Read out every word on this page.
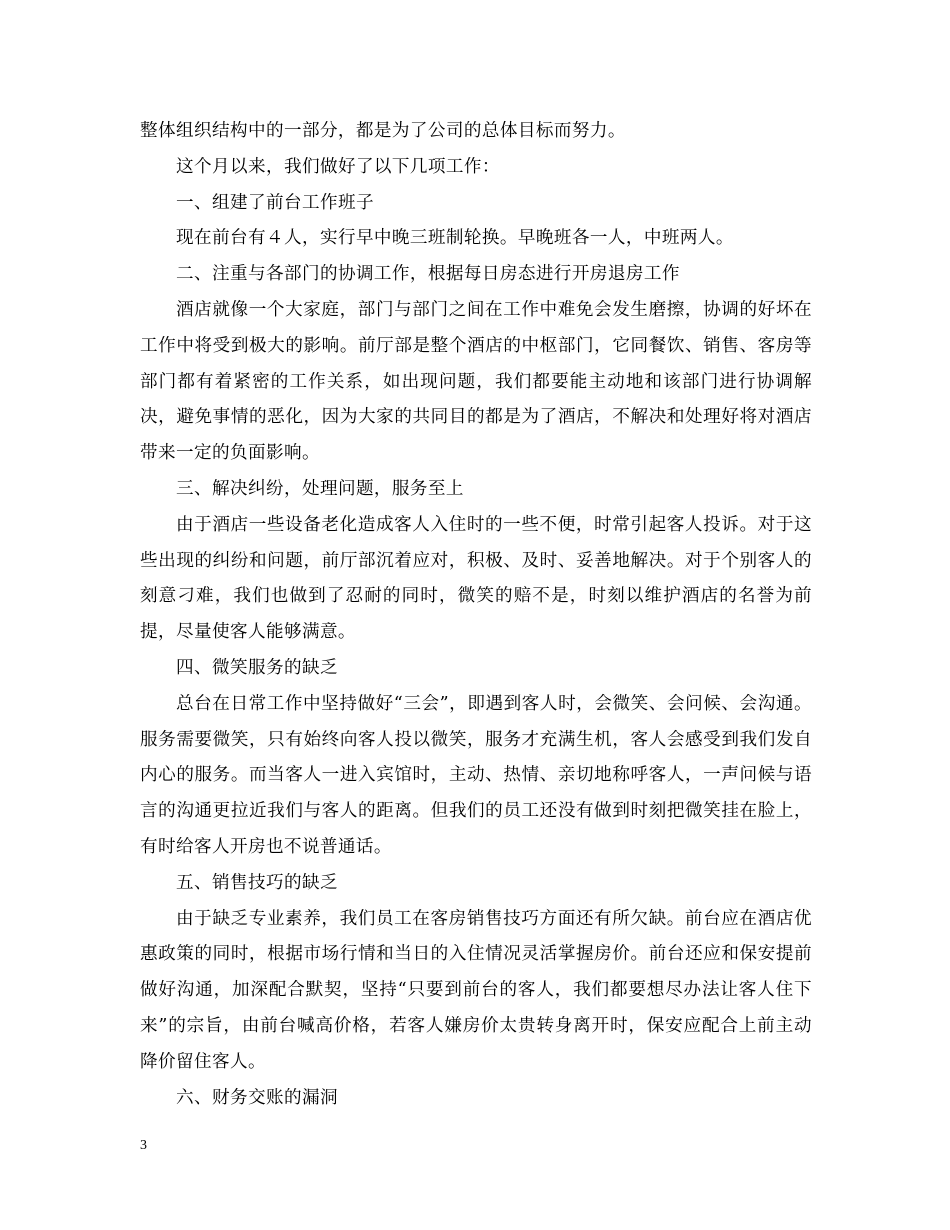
整体组织结构中的一部分，都是为了公司的总体目标而努力。

这个月以来，我们做好了以下几项工作：

一、组建了前台工作班子

现在前台有４人，实行早中晚三班制轮换。早晚班各一人，中班两人。

二、注重与各部门的协调工作，根据每日房态进行开房退房工作

酒店就像一个大家庭，部门与部门之间在工作中难免会发生磨擦，协调的好坏在工作中将受到极大的影响。前厅部是整个酒店的中枢部门，它同餐饮、销售、客房等部门都有着紧密的工作关系，如出现问题，我们都要能主动地和该部门进行协调解决，避免事情的恶化，因为大家的共同目的都是为了酒店，不解决和处理好将对酒店带来一定的负面影响。

三、解决纠纷，处理问题，服务至上

由于酒店一些设备老化造成客人入住时的一些不便，时常引起客人投诉。对于这些出现的纠纷和问题，前厅部沉着应对，积极、及时、妥善地解决。对于个别客人的刻意刁难，我们也做到了忍耐的同时，微笑的赔不是，时刻以维护酒店的名誉为前提，尽量使客人能够满意。

四、微笑服务的缺乏

总台在日常工作中坚持做好“三会”，即遇到客人时，会微笑、会问候、会沟通。服务需要微笑，只有始终向客人投以微笑，服务才充满生机，客人会感受到我们发自内心的服务。而当客人一进入宾馆时，主动、热情、亲切地称呼客人，一声问候与语言的沟通更拉近我们与客人的距离。但我们的员工还没有做到时刻把微笑挂在脸上，有时给客人开房也不说普通话。

五、销售技巧的缺乏

由于缺乏专业素养，我们员工在客房销售技巧方面还有所欠缺。前台应在酒店优惠政策的同时，根据市场行情和当日的入住情况灵活掌握房价。前台还应和保安提前做好沟通，加深配合默契，坚持“只要到前台的客人，我们都要想尽办法让客人住下来”的宗旨，由前台喊高价格，若客人嫌房价太贵转身离开时，保安应配合上前主动降价留住客人。

六、财务交账的漏洞

3
